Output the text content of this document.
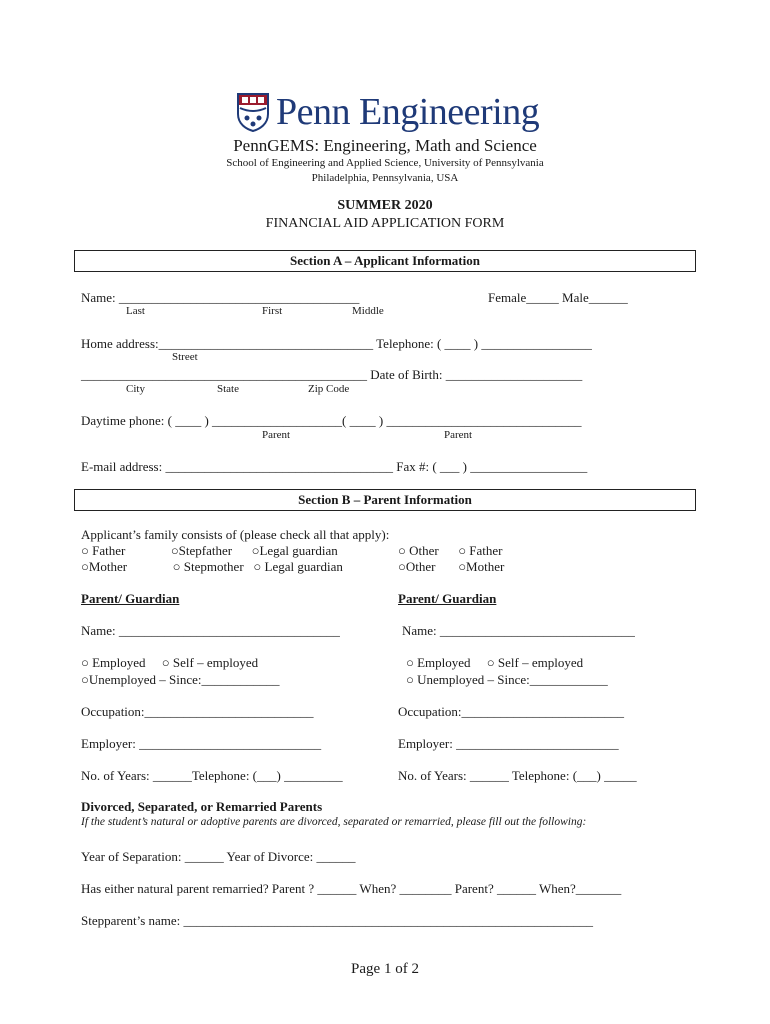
Penn Engineering
PennGEMS: Engineering, Math and Science
School of Engineering and Applied Science, University of Pennsylvania
Philadelphia, Pennsylvania, USA
SUMMER 2020
FINANCIAL AID APPLICATION FORM
Section A – Applicant Information
Name: _____________________________________	Female_____ Male______
Last	First	Middle
Home address:_________________________________ Telephone: ( ____ ) _________________
Street
____________________________________________ Date of Birth: _____________________
City	State	Zip Code
Daytime phone: ( ____ ) ____________________( ____ ) ______________________________
Parent	Parent
E-mail address: ___________________________________ Fax #: ( ___ ) __________________
Section B – Parent Information
Applicant’s family consists of (please check all that apply):
○ Father              ○Stepfather      ○Legal guardian
○Mother              ○ Stepmother   ○ Legal guardian
○ Other      ○ Father
○Other       ○Mother
Parent/ Guardian	Parent/ Guardian
Name: __________________________________	Name: ______________________________
○ Employed     ○ Self – employed
○Unemployed – Since:____________
○ Employed     ○ Self – employed
○ Unemployed – Since:____________
Occupation:__________________________	Occupation:_________________________
Employer: ____________________________	Employer: _________________________
No. of Years: ______Telephone: (___) _________	No. of Years: ______ Telephone: (___) _____
Divorced, Separated, or Remarried Parents
If the student’s natural or adoptive parents are divorced, separated or remarried, please fill out the following:
Year of Separation: ______ Year of Divorce: ______
Has either natural parent remarried? Parent ? ______ When? ________ Parent? ______ When?_______
Stepparent’s name: _______________________________________________________________
Page 1 of 2
